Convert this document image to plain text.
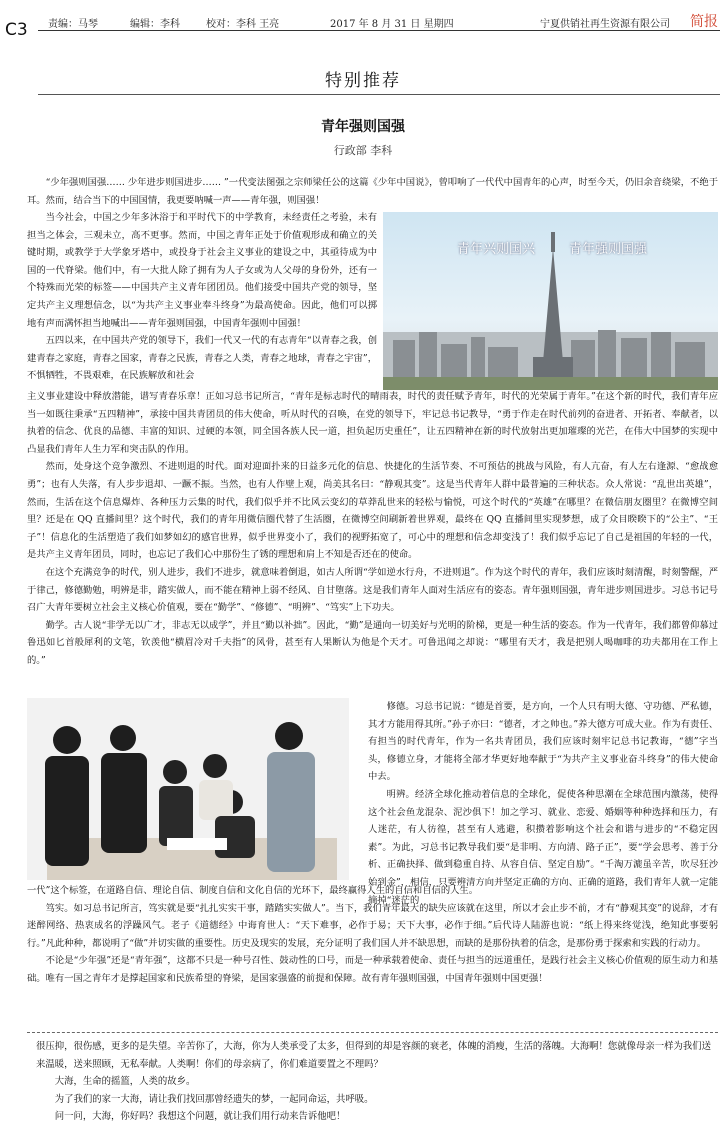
C3 责编：马琴	编辑：李科	校对：李科 王亮	2017 年 8 月 31 日 星期四	宁夏供销社再生资源有限公司 简报
特别推荐
青年强则国强
行政部 李科

“少年强则国强…… 少年进步则国进步…… ”一代变法图强之宗师梁任公的这篇《少年中国说》，曾叩响了一代代中国青年的心声，时至今天，仍旧余音绕梁，不绝于耳。然而，结合当下的中国国情，我更要呐喊一声——青年强，则国强！

当今社会，中国之少年多沐浴于和平时代下的中学教育，未经责任之考验，未有担当之体会，三观未立，高不更事。然而，中国之青年正处于价值观形成和确立的关键时期，或教学于大学象牙塔中，或投身于社会主义事业的建设之中，其亟待成为中国的一代脊梁。他们中，有一大批人除了拥有为人子女或为人父母的身份外，还有一个特殊而光荣的标签——中国共产主义青年团团员。他们接受中国共产党的领导，坚定共产主义理想信念，以“为共产主义事业奉斗终身”为最高使命。因此，他们可以掷地有声而满怀担当地喊出——青年强则国强，中国青年强则中国强！

五四以来，在中国共产党的领导下，我们一代又一代的有志青年“以青春之我，创建青春之家庭，青春之国家，青春之民族，青春之人类，青春之地球，青春之宇宙”，不惧牺牲，不畏艰难，在民族解放和社会

青年兴则国兴	青年强则国强

主义事业建设中释放潜能，谱写青春乐章！正如习总书记所言，“青年是标志时代的晴雨表，时代的责任赋予青年，时代的光荣属于青年。”在这个新的时代，我们青年应当一如既往秉承“五四精神”，承接中国共青团员的伟大使命，听从时代的召唤，在党的领导下，牢记总书记教导，“勇于作走在时代前列的奋进者、开拓者、奉献者，以执着的信念、优良的品德、丰富的知识、过硬的本领，同全国各族人民一道，担负起历史重任”，让五四精神在新的时代放射出更加璀璨的光芒，在伟大中国梦的实现中凸显我们青年人生力军和突击队的作用。

然而，处身这个竞争激烈、不进则退的时代。面对迎面扑来的日益多元化的信息、快捷化的生活节奏、不可预估的挑战与风险，有人亢奋，有人左右逢源、“愈战愈勇”；也有人失落，有人步步退却、一蹶不振。当然，也有人作壁上观，尚美其名曰：“静观其变”。这是当代青年人群中最普遍的三种状态。众人常说：“乱世出英雄”，然而，生活在这个信息爆炸、各种压力云集的时代，我们似乎并不比风云变幻的草莽乱世来的轻松与愉悦，可这个时代的“英雄”在哪里？在微信朋友圈里？在微博空间里？还是在 QQ 直播间里？这个时代，我们的青年用微信圈代替了生活圈，在微博空间刷新着世界观，最终在 QQ 直播间里实现梦想，成了众目睽睽下的“公主”、“王子”！信息化的生活塑造了我们如梦如幻的感官世界，似乎世界变小了，我们的视野拓宽了，可心中的理想和信念却变浅了！我们似乎忘记了自己是祖国的年轻的一代，是共产主义青年团员，同时，也忘记了我们心中那份生了锈的理想和肩上不知是否还在的使命。

在这个充满竞争的时代，别人进步，我们不进步，就意味着倒退，如古人所谓“学如逆水行舟，不进则退”。作为这个时代的青年，我们应该时刻清醒，时刻警醒，严于律己，修德勤勉，明辨是非，踏实做人，而不能在精神上弱不经风、自甘堕落。这是我们青年人面对生活应有的姿态。青年强则国强，青年进步则国进步。习总书记号召广大青年要树立社会主义核心价值观，要在“勤学”、“修德”、“明辨”、“笃实”上下功夫。

勤学。古人说“非学无以广才，非志无以成学”，并且“勤以补拙”。因此，“勤”是通向一切美好与光明的阶梯，更是一种生活的姿态。作为一代青年，我们都曾仰慕过鲁迅如匕首般犀利的文笔，钦羡他“横眉冷对千夫指”的风骨，甚至有人果断认为他是个天才。可鲁迅闻之却说：“哪里有天才，我是把别人喝咖啡的功夫都用在工作上的。”

修德。习总书记说：“德是首要，是方向，一个人只有明大德、守功德、严私德，其才方能用得其所。”孙子亦曰：“德者，才之帅也。”养大德方可成大业。作为有责任、有担当的时代青年，作为一名共青团员，我们应该时刻牢记总书记教诲，“德”字当头，修德立身，才能将全部才华更好地奉献于“为共产主义事业奋斗终身”的伟大使命中去。

明辨。经济全球化推动着信息的全球化，促使各种思潮在全球范围内激荡，使得这个社会鱼龙混杂、泥沙俱下！加之学习、就业、恋爱、婚姻等种种选择和压力，有人迷茫，有人彷徨，甚至有人逃避，积攒着影响这个社会和谐与进步的“不稳定因素”。为此，习总书记教导我们要“是非明、方向清、路子正”，要“学会思考、善于分析、正确抉择、做到稳重自持、从容自信、坚定自励”。“千淘万漉虽辛苦，吹尽狂沙始到金”，相信，只要辨清方向并坚定正确的方向、正确的道路，我们青年人就一定能摘掉“迷茫的

一代”这个标签，在道路自信、理论自信、制度自信和文化自信的光环下，最终赢得人生的自信和自信的人生。

笃实。如习总书记所言，笃实就是要“扎扎实实干事，踏踏实实做人”。当下，我们青年最大的缺失应该就在这里，所以才会止步不前，才有“静观其变”的说辞，才有迷醉网络、热衷成名的浮躁风气。老子《道德经》中诲育世人：“天下难事，必作于易；天下大事，必作于细。”后代诗人陆游也说：“纸上得来终觉浅，绝知此事要躬行。”凡此种种，都说明了“做”并切实做的重要性。历史及现实的发展，充分证明了我们国人并不缺思想，而缺的是那份执着的信念，是那份勇于探索和实践的行动力。

不论是“少年强”还是“青年强”，这都不只是一种号召性、鼓动性的口号，而是一种承载着使命、责任与担当的远道重任，是践行社会主义核心价值观的原生动力和基础。唯有一国之青年才是撑起国家和民族希望的脊梁，是国家强盛的前提和保障。故有青年强则国强，中国青年强则中国更强！

很压抑，很伤感，更多的是失望。辛苦你了，大海，你为人类承受了太多，但得到的却是容颜的衰老，体魄的消瘦，生活的落魄。大海啊！您就像母亲一样为我们送来温暖，送来照顾，无私奉献。人类啊！你们的母亲病了，你们难道要置之不理吗？

大海，生命的摇篮，人类的故乡。

为了我们的家一大海，请让我们找回那曾经遗失的梦，一起同命运，共呼吸。

问一问，大海，你好吗？我想这个问题，就让我们用行动来告诉他吧！
